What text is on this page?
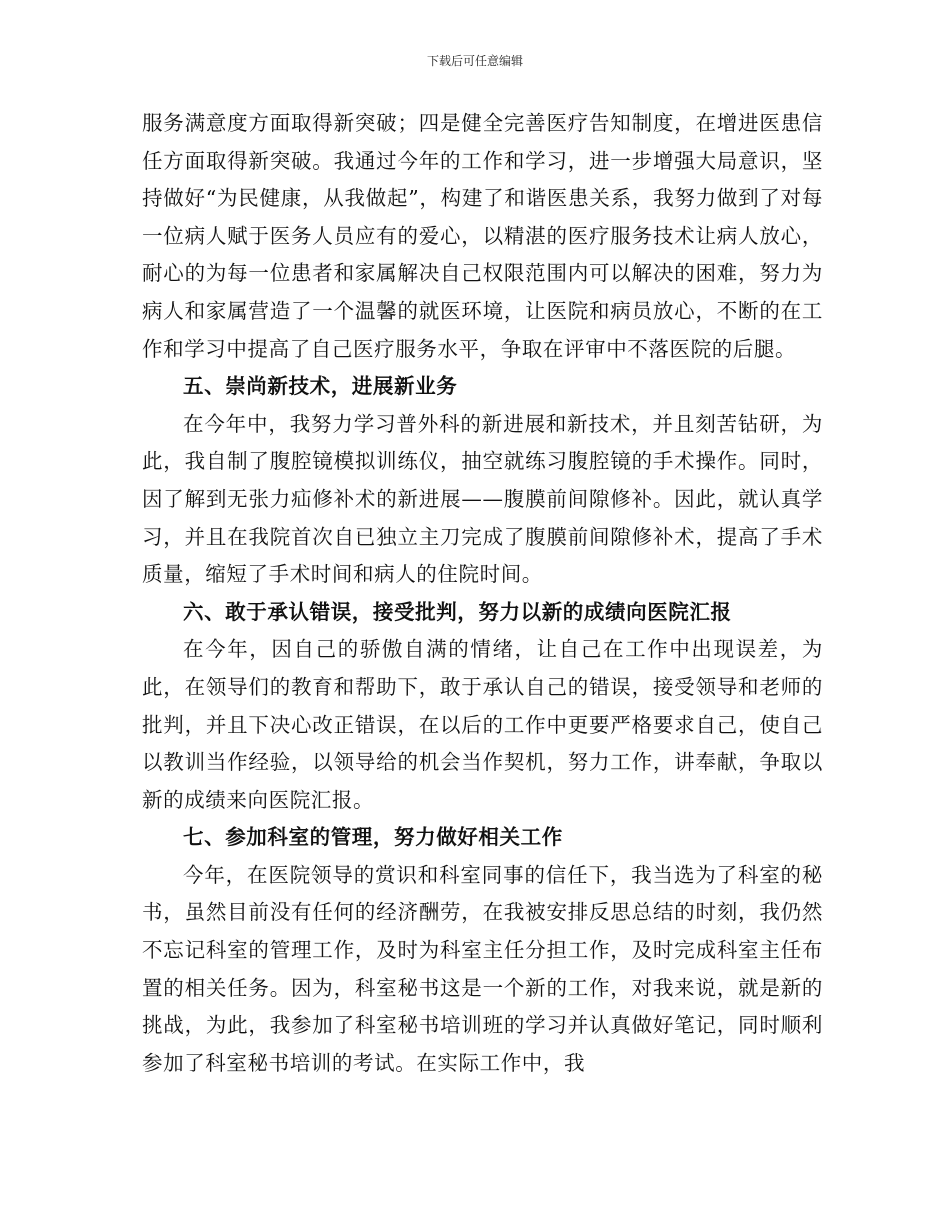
下载后可任意编辑

服务满意度方面取得新突破；四是健全完善医疗告知制度，在增进医患信任方面取得新突破。我通过今年的工作和学习，进一步增强大局意识，坚持做好“为民健康，从我做起”，构建了和谐医患关系，我努力做到了对每一位病人赋于医务人员应有的爱心，以精湛的医疗服务技术让病人放心，耐心的为每一位患者和家属解决自己权限范围内可以解决的困难，努力为病人和家属营造了一个温馨的就医环境，让医院和病员放心，不断的在工作和学习中提高了自己医疗服务水平，争取在评审中不落医院的后腿。

五、崇尚新技术，进展新业务

在今年中，我努力学习普外科的新进展和新技术，并且刻苦钻研，为此，我自制了腹腔镜模拟训练仪，抽空就练习腹腔镜的手术操作。同时，因了解到无张力疝修补术的新进展——腹膜前间隙修补。因此，就认真学习，并且在我院首次自已独立主刀完成了腹膜前间隙修补术，提高了手术质量，缩短了手术时间和病人的住院时间。

六、敢于承认错误，接受批判，努力以新的成绩向医院汇报

在今年，因自己的骄傲自满的情绪，让自己在工作中出现误差，为此，在领导们的教育和帮助下，敢于承认自己的错误，接受领导和老师的批判，并且下决心改正错误，在以后的工作中更要严格要求自己，使自己以教训当作经验，以领导给的机会当作契机，努力工作，讲奉献，争取以新的成绩来向医院汇报。

七、参加科室的管理，努力做好相关工作

今年，在医院领导的赏识和科室同事的信任下，我当选为了科室的秘书，虽然目前没有任何的经济酬劳，在我被安排反思总结的时刻，我仍然不忘记科室的管理工作，及时为科室主任分担工作，及时完成科室主任布置的相关任务。因为，科室秘书这是一个新的工作，对我来说，就是新的挑战，为此，我参加了科室秘书培训班的学习并认真做好笔记，同时顺利参加了科室秘书培训的考试。在实际工作中，我
